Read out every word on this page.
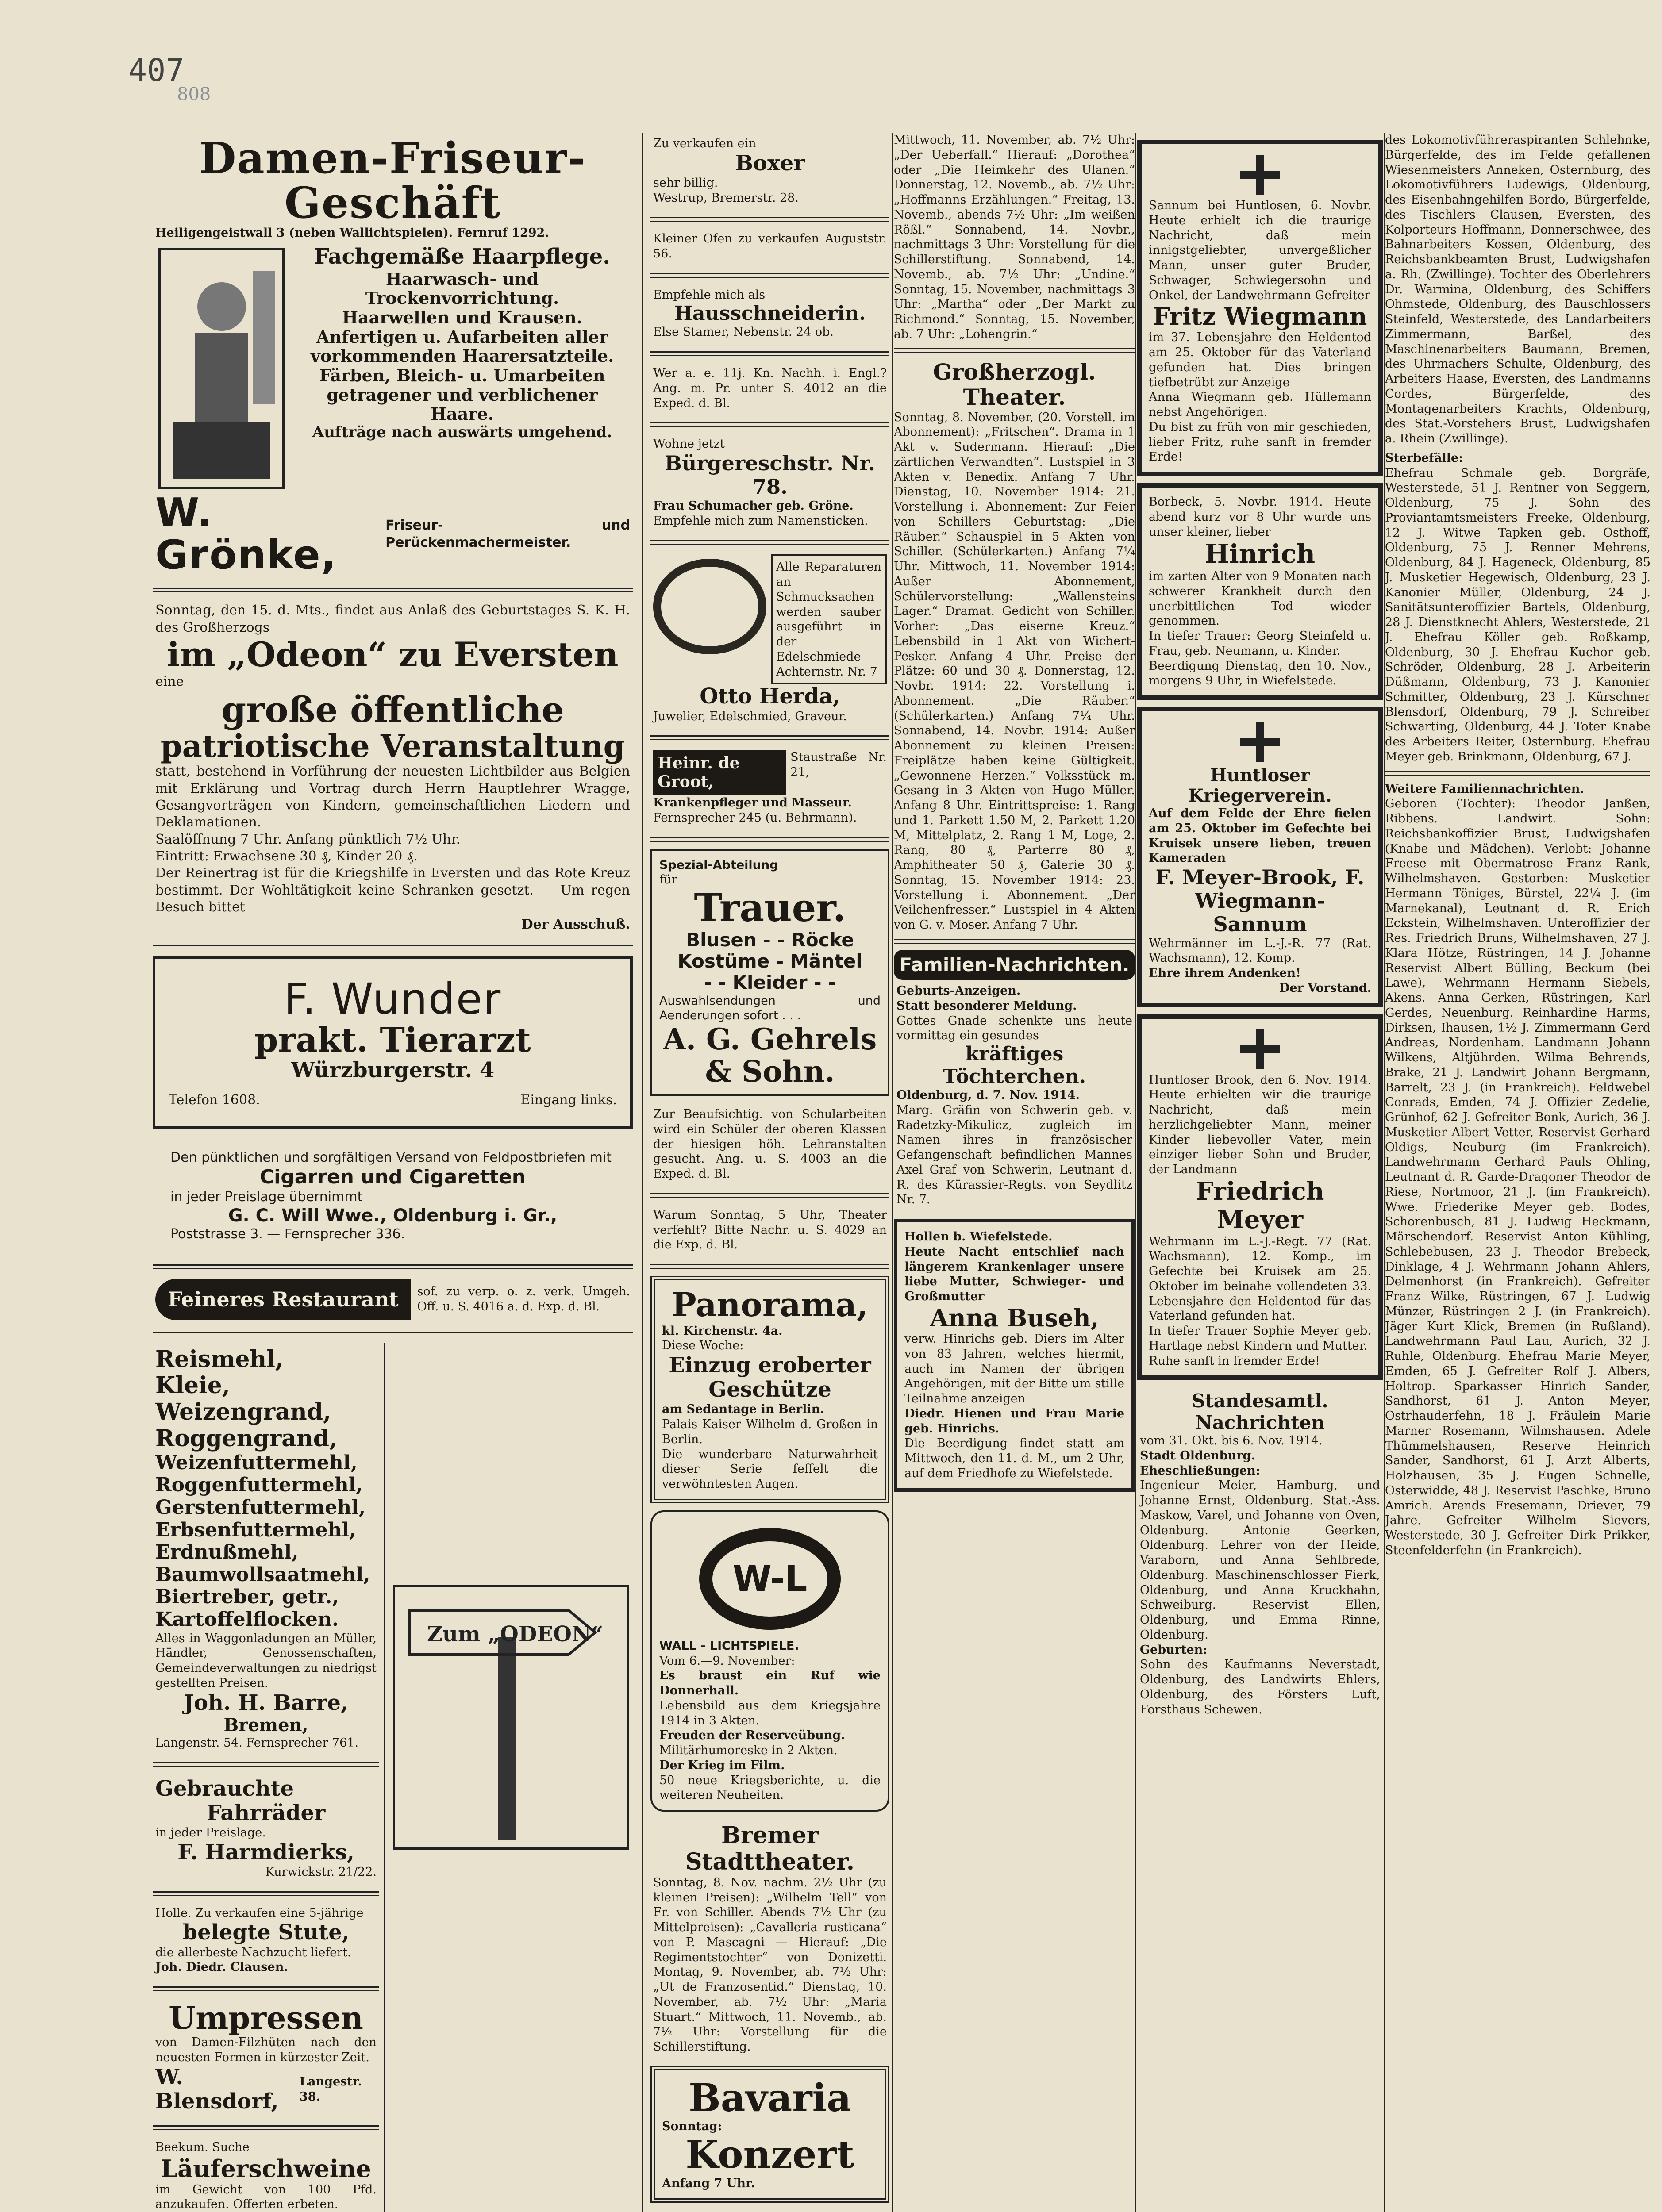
407
808
Damen-Friseur-Geschäft
Heiligengeistwall 3 (neben Wallichtspielen). Fernruf 1292.
Fachgemäße Haarpflege.
Haarwasch- und Trockenvorrichtung.
Haarwellen und Krausen.
Anfertigen u. Aufarbeiten aller vorkommenden Haarersatzteile.
Färben, Bleich- u. Umarbeiten getragener und verblichener Haare.
Aufträge nach auswärts umgehend.
W. Grönke,
Friseur- und Perückenmachermeister.
Sonntag, den 15. d. Mts., findet aus Anlaß des Geburtstages S. K. H. des Großherzogs
im „Odeon“ zu Eversten
eine
große öffentliche
patriotische Veranstaltung
statt, bestehend in Vorführung der neuesten Lichtbilder aus Belgien mit Erklärung und Vortrag durch Herrn Hauptlehrer Wragge, Gesangvorträgen von Kindern, gemeinschaftlichen Liedern und Deklamationen.
Saalöffnung 7 Uhr. Anfang pünktlich 7½ Uhr.
Eintritt: Erwachsene 30 ₰, Kinder 20 ₰.
Der Reinertrag ist für die Kriegshilfe in Eversten und das Rote Kreuz bestimmt. Der Wohltätigkeit keine Schranken gesetzt. — Um regen Besuch bittet
Der Ausschuß.
F. Wunder
prakt. Tierarzt
Würzburgerstr. 4
Telefon 1608.	Eingang links.
Den pünktlichen und sorgfältigen Versand von Feldpostbriefen mit
Cigarren und Cigaretten
in jeder Preislage übernimmt
G. C. Will Wwe., Oldenburg i. Gr.,
Poststrasse 3. — Fernsprecher 336.
Feineres Restaurant	sof. zu verp. o. z. verk. Umgeh. Off. u. S. 4016 a. d. Exp. d. Bl.
Reismehl,
Kleie,
Weizengrand,
Roggengrand,
Weizenfuttermehl,
Roggenfuttermehl,
Gerstenfuttermehl,
Erbsenfuttermehl,
Erdnußmehl,
Baumwollsaatmehl,
Biertreber, getr.,
Kartoffelflocken.
Alles in Waggonladungen an Müller, Händler, Genossenschaften, Gemeindeverwaltungen zu niedrigst gestellten Preisen.
Joh. H. Barre,
Bremen,
Langenstr. 54. Fernsprecher 761.
Gebrauchte
Fahrräder
in jeder Preislage.
F. Harmdierks,
Kurwickstr. 21/22.
Holle. Zu verkaufen eine 5-jährige
belegte Stute,
die allerbeste Nachzucht liefert.
Joh. Diedr. Clausen.
Umpressen
von Damen-Filzhüten nach den neuesten Formen in kürzester Zeit.
W. Blensdorf,
Langestr. 38.
Beekum. Suche
Läuferschweine
im Gewicht von 100 Pfd. anzukaufen. Offerten erbeten.
Zum „ODEON“
Zu verkaufen ein
Boxer
sehr billig.
Westrup, Bremerstr. 28.
Kleiner Ofen zu verkaufen Auguststr. 56.
Empfehle mich als
Hausschneiderin.
Else Stamer, Nebenstr. 24 ob.
Wer a. e. 11j. Kn. Nachh. i. Engl.? Ang. m. Pr. unter S. 4012 an die Exped. d. Bl.
Wohne jetzt
Bürgereschstr. Nr. 78.
Frau Schumacher geb. Gröne.
Empfehle mich zum Namensticken.
Alle Reparaturen an Schmucksachen werden sauber ausgeführt in der Edelschmiede Achternstr. Nr. 7
Otto Herda,
Juwelier, Edelschmied, Graveur.
Heinr. de Groot,
Staustraße Nr. 21,
Krankenpfleger und Masseur.
Fernsprecher 245 (u. Behrmann).
Spezial-Abteilung
für
Trauer.
Blusen - - Röcke
Kostüme - Mäntel
- - Kleider - -
Auswahlsendungen und Aenderungen sofort . . .
A. G. Gehrels & Sohn.
Zur Beaufsichtig. von Schularbeiten wird ein Schüler der oberen Klassen der hiesigen höh. Lehranstalten gesucht. Ang. u. S. 4003 an die Exped. d. Bl.
Warum Sonntag, 5 Uhr, Theater verfehlt? Bitte Nachr. u. S. 4029 an die Exp. d. Bl.
Panorama,
kl. Kirchenstr. 4a.
Diese Woche:
Einzug eroberter Geschütze
am Sedantage in Berlin.
Palais Kaiser Wilhelm d. Großen in Berlin.
Die wunderbare Naturwahrheit dieser Serie feffelt die verwöhntesten Augen.
W-L
WALL - LICHTSPIELE.
Vom 6.—9. November:
Es braust ein Ruf wie Donnerhall.
Lebensbild aus dem Kriegsjahre 1914 in 3 Akten.
Freuden der Reserveübung.
Militärhumoreske in 2 Akten.
Der Krieg im Film.
50 neue Kriegsberichte, u. die weiteren Neuheiten.
Bremer Stadttheater.
Sonntag, 8. Nov. nachm. 2½ Uhr (zu kleinen Preisen): „Wilhelm Tell“ von Fr. von Schiller. Abends 7½ Uhr (zu Mittelpreisen): „Cavalleria rusticana“ von P. Mascagni — Hierauf: „Die Regimentstochter“ von Donizetti. Montag, 9. November, ab. 7½ Uhr: „Ut de Franzosentid.“ Dienstag, 10. November, ab. 7½ Uhr: „Maria Stuart.“ Mittwoch, 11. Novemb., ab. 7½ Uhr: Vorstellung für die Schillerstiftung.
Bavaria
Sonntag:
Konzert
Anfang 7 Uhr.
Mittwoch, 11. November, ab. 7½ Uhr: „Der Ueberfall.“ Hierauf: „Dorothea“ oder „Die Heimkehr des Ulanen.“ Donnerstag, 12. Novemb., ab. 7½ Uhr: „Hoffmanns Erzählungen.“ Freitag, 13. Novemb., abends 7½ Uhr: „Im weißen Rößl.“ Sonnabend, 14. Novbr., nachmittags 3 Uhr: Vorstellung für die Schillerstiftung. Sonnabend, 14. Novemb., ab. 7½ Uhr: „Undine.“ Sonntag, 15. November, nachmittags 3 Uhr: „Martha“ oder „Der Markt zu Richmond.“ Sonntag, 15. November, ab. 7 Uhr: „Lohengrin.“
Großherzogl. Theater.
Sonntag, 8. November, (20. Vorstell. im Abonnement): „Fritschen“. Drama in 1 Akt v. Sudermann. Hierauf: „Die zärtlichen Verwandten“. Lustspiel in 3 Akten v. Benedix. Anfang 7 Uhr. Dienstag, 10. November 1914: 21. Vorstellung i. Abonnement: Zur Feier von Schillers Geburtstag: „Die Räuber.“ Schauspiel in 5 Akten von Schiller. (Schülerkarten.) Anfang 7¼ Uhr. Mittwoch, 11. November 1914: Außer Abonnement, Schülervorstellung: „Wallensteins Lager.“ Dramat. Gedicht von Schiller. Vorher: „Das eiserne Kreuz.“ Lebensbild in 1 Akt von Wichert-Pesker. Anfang 4 Uhr. Preise der Plätze: 60 und 30 ₰. Donnerstag, 12. Novbr. 1914: 22. Vorstellung i. Abonnement. „Die Räuber.“ (Schülerkarten.) Anfang 7¼ Uhr. Sonnabend, 14. Novbr. 1914: Außer Abonnement zu kleinen Preisen: Freiplätze haben keine Gültigkeit. „Gewonnene Herzen.“ Volksstück m. Gesang in 3 Akten von Hugo Müller. Anfang 8 Uhr. Eintrittspreise: 1. Rang und 1. Parkett 1.50 M, 2. Parkett 1.20 M, Mittelplatz, 2. Rang 1 M, Loge, 2. Rang, 80 ₰, Parterre 80 ₰, Amphitheater 50 ₰, Galerie 30 ₰. Sonntag, 15. November 1914: 23. Vorstellung i. Abonnement. „Der Veilchenfresser.“ Lustspiel in 4 Akten von G. v. Moser. Anfang 7 Uhr.
Familien-Nachrichten.
Geburts-Anzeigen.
Statt besonderer Meldung.
Gottes Gnade schenkte uns heute vormittag ein gesundes
kräftiges Töchterchen.
Oldenburg, d. 7. Nov. 1914.
Marg. Gräfin von Schwerin geb. v. Radetzky-Mikulicz, zugleich im Namen ihres in französischer Gefangenschaft befindlichen Mannes Axel Graf von Schwerin, Leutnant d. R. des Kürassier-Regts. von Seydlitz Nr. 7.
Hollen b. Wiefelstede.
Heute Nacht entschlief nach längerem Krankenlager unsere liebe Mutter, Schwieger- und Großmutter
Anna Buseh,
verw. Hinrichs geb. Diers im Alter von 83 Jahren, welches hiermit, auch im Namen der übrigen Angehörigen, mit der Bitte um stille Teilnahme anzeigen
Diedr. Hienen und Frau Marie geb. Hinrichs.
Die Beerdigung findet statt am Mittwoch, den 11. d. M., um 2 Uhr, auf dem Friedhofe zu Wiefelstede.
Sannum bei Huntlosen, 6. Novbr. Heute erhielt ich die traurige Nachricht, daß mein innigstgeliebter, unvergeßlicher Mann, unser guter Bruder, Schwager, Schwiegersohn und Onkel, der Landwehrmann Gefreiter
Fritz Wiegmann
im 37. Lebensjahre den Heldentod am 25. Oktober für das Vaterland gefunden hat. Dies bringen tiefbetrübt zur Anzeige
Anna Wiegmann geb. Hüllemann nebst Angehörigen.
Du bist zu früh von mir geschieden, lieber Fritz, ruhe sanft in fremder Erde!
Borbeck, 5. Novbr. 1914. Heute abend kurz vor 8 Uhr wurde uns unser kleiner, lieber
Hinrich
im zarten Alter von 9 Monaten nach schwerer Krankheit durch den unerbittlichen Tod wieder genommen.
In tiefer Trauer: Georg Steinfeld u. Frau, geb. Neumann, u. Kinder.
Beerdigung Dienstag, den 10. Nov., morgens 9 Uhr, in Wiefelstede.
Huntloser Kriegerverein.
Auf dem Felde der Ehre fielen am 25. Oktober im Gefechte bei Kruisek unsere lieben, treuen Kameraden
F. Meyer-Brook, F. Wiegmann-Sannum
Wehrmänner im L.-J.-R. 77 (Rat. Wachsmann), 12. Komp.
Ehre ihrem Andenken!
Der Vorstand.
Huntloser Brook, den 6. Nov. 1914. Heute erhielten wir die traurige Nachricht, daß mein herzlichgeliebter Mann, meiner Kinder liebevoller Vater, mein einziger lieber Sohn und Bruder, der Landmann
Friedrich Meyer
Wehrmann im L.-J.-Regt. 77 (Rat. Wachsmann), 12. Komp., im Gefechte bei Kruisek am 25. Oktober im beinahe vollendeten 33. Lebensjahre den Heldentod für das Vaterland gefunden hat.
In tiefer Trauer Sophie Meyer geb. Hartlage nebst Kindern und Mutter.
Ruhe sanft in fremder Erde!
Standesamtl. Nachrichten
vom 31. Okt. bis 6. Nov. 1914.
Stadt Oldenburg.
Eheschließungen:
Ingenieur Meier, Hamburg, und Johanne Ernst, Oldenburg. Stat.-Ass. Maskow, Varel, und Johanne von Oven, Oldenburg. Antonie Geerken, Oldenburg. Lehrer von der Heide, Varaborn, und Anna Sehlbrede, Oldenburg. Maschinenschlosser Fierk, Oldenburg, und Anna Kruckhahn, Schweiburg. Reservist Ellen, Oldenburg, und Emma Rinne, Oldenburg.
Geburten:
Sohn des Kaufmanns Neverstadt, Oldenburg, des Landwirts Ehlers, Oldenburg, des Försters Luft, Forsthaus Schewen.
des Lokomotivführeraspiranten Schlehnke, Bürgerfelde, des im Felde gefallenen Wiesenmeisters Anneken, Osternburg, des Lokomotivführers Ludewigs, Oldenburg, des Eisenbahngehilfen Bordo, Bürgerfelde, des Tischlers Clausen, Eversten, des Kolporteurs Hoffmann, Donnerschwee, des Bahnarbeiters Kossen, Oldenburg, des Reichsbankbeamten Brust, Ludwigshafen a. Rh. (Zwillinge). Tochter des Oberlehrers Dr. Warmina, Oldenburg, des Schiffers Ohmstede, Oldenburg, des Bauschlossers Steinfeld, Westerstede, des Landarbeiters Zimmermann, Barßel, des Maschinenarbeiters Baumann, Bremen, des Uhrmachers Schulte, Oldenburg, des Arbeiters Haase, Eversten, des Landmanns Cordes, Bürgerfelde, des Montagenarbeiters Krachts, Oldenburg, des Stat.-Vorstehers Brust, Ludwigshafen a. Rhein (Zwillinge).
Sterbefälle:
Ehefrau Schmale geb. Borgräfe, Westerstede, 51 J. Rentner von Seggern, Oldenburg, 75 J. Sohn des Proviantamtsmeisters Freeke, Oldenburg, 12 J. Witwe Tapken geb. Osthoff, Oldenburg, 75 J. Renner Mehrens, Oldenburg, 84 J. Hageneck, Oldenburg, 85 J. Musketier Hegewisch, Oldenburg, 23 J. Kanonier Müller, Oldenburg, 24 J. Sanitätsunteroffizier Bartels, Oldenburg, 28 J. Dienstknecht Ahlers, Westerstede, 21 J. Ehefrau Köller geb. Roßkamp, Oldenburg, 30 J. Ehefrau Kuchor geb. Schröder, Oldenburg, 28 J. Arbeiterin Düßmann, Oldenburg, 73 J. Kanonier Schmitter, Oldenburg, 23 J. Kürschner Blensdorf, Oldenburg, 79 J. Schreiber Schwarting, Oldenburg, 44 J. Toter Knabe des Arbeiters Reiter, Osternburg. Ehefrau Meyer geb. Brinkmann, Oldenburg, 67 J.
Weitere Familiennachrichten.
Geboren (Tochter): Theodor Janßen, Ribbens. Landwirt. Sohn: Reichsbankoffizier Brust, Ludwigshafen (Knabe und Mädchen). Verlobt: Johanne Freese mit Obermatrose Franz Rank, Wilhelmshaven. Gestorben: Musketier Hermann Töniges, Bürstel, 22¼ J. (im Marnekanal), Leutnant d. R. Erich Eckstein, Wilhelmshaven. Unteroffizier der Res. Friedrich Bruns, Wilhelmshaven, 27 J. Klara Hötze, Rüstringen, 14 J. Johanne Reservist Albert Bülling, Beckum (bei Lawe), Wehrmann Hermann Siebels, Akens. Anna Gerken, Rüstringen, Karl Gerdes, Neuenburg. Reinhardine Harms, Dirksen, Ihausen, 1½ J. Zimmermann Gerd Andreas, Nordenham. Landmann Johann Wilkens, Altjührden. Wilma Behrends, Brake, 21 J. Landwirt Johann Bergmann, Barrelt, 23 J. (in Frankreich). Feldwebel Conrads, Emden, 74 J. Offizier Zedelie, Grünhof, 62 J. Gefreiter Bonk, Aurich, 36 J. Musketier Albert Vetter, Reservist Gerhard Oldigs, Neuburg (im Frankreich). Landwehrmann Gerhard Pauls Ohling, Leutnant d. R. Garde-Dragoner Theodor de Riese, Nortmoor, 21 J. (im Frankreich). Wwe. Friederike Meyer geb. Bodes, Schorenbusch, 81 J. Ludwig Heckmann, Märschendorf. Reservist Anton Kühling, Schlebebusen, 23 J. Theodor Brebeck, Dinklage, 4 J. Wehrmann Johann Ahlers, Delmenhorst (in Frankreich). Gefreiter Franz Wilke, Rüstringen, 67 J. Ludwig Münzer, Rüstringen 2 J. (in Frankreich). Jäger Kurt Klick, Bremen (in Rußland). Landwehrmann Paul Lau, Aurich, 32 J. Ruhle, Oldenburg. Ehefrau Marie Meyer, Emden, 65 J. Gefreiter Rolf J. Albers, Holtrop. Sparkasser Hinrich Sander, Sandhorst, 61 J. Anton Meyer, Ostrhauderfehn, 18 J. Fräulein Marie Marner Rosemann, Wilmshausen. Adele Thümmelshausen, Reserve Heinrich Sander, Sandhorst, 61 J. Arzt Alberts, Holzhausen, 35 J. Eugen Schnelle, Osterwidde, 48 J. Reservist Paschke, Bruno Amrich. Arends Fresemann, Driever, 79 Jahre. Gefreiter Wilhelm Sievers, Westerstede, 30 J. Gefreiter Dirk Prikker, Steenfelderfehn (in Frankreich).
